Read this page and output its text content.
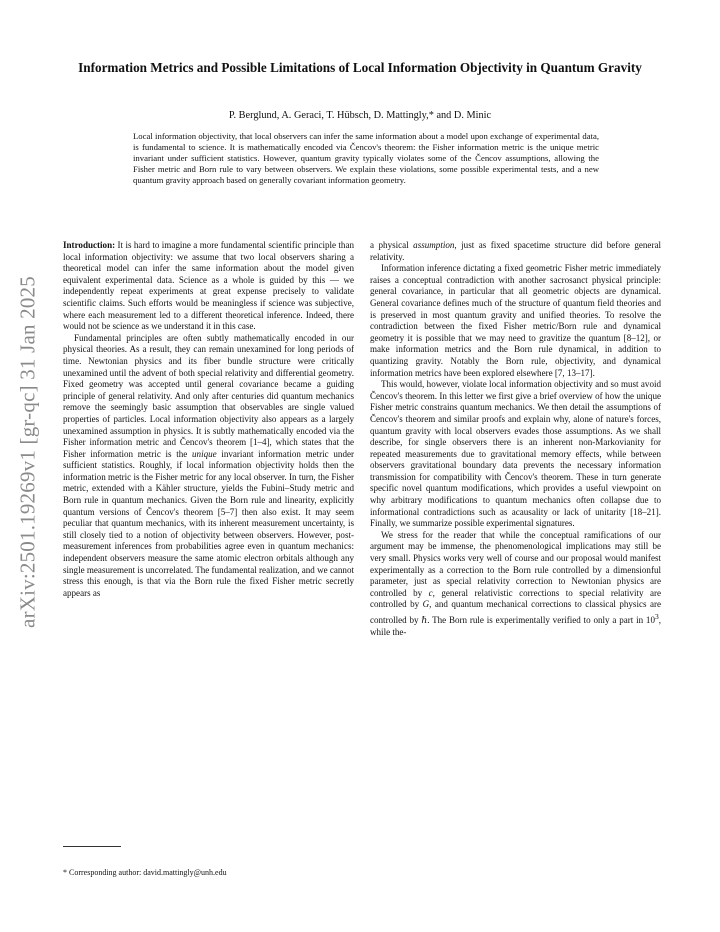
Information Metrics and Possible Limitations of Local Information Objectivity in Quantum Gravity
P. Berglund, A. Geraci, T. Hübsch, D. Mattingly,* and D. Minic

Local information objectivity, that local observers can infer the same information about a model upon exchange of experimental data, is fundamental to science. It is mathematically encoded via Čencov's theorem: the Fisher information metric is the unique metric invariant under sufficient statistics. However, quantum gravity typically violates some of the Čencov assumptions, allowing the Fisher metric and Born rule to vary between observers. We explain these violations, some possible experimental tests, and a new quantum gravity approach based on generally covariant information geometry.

arXiv:2501.19269v1 [gr-qc] 31 Jan 2025

Introduction: It is hard to imagine a more fundamental scientific principle than local information objectivity: we assume that two local observers sharing a theoretical model can infer the same information about the model given equivalent experimental data. Science as a whole is guided by this — we independently repeat experiments at great expense precisely to validate scientific claims. Such efforts would be meaningless if science was subjective, where each measurement led to a different theoretical inference. Indeed, there would not be science as we understand it in this case.

Fundamental principles are often subtly mathematically encoded in our physical theories. As a result, they can remain unexamined for long periods of time. Newtonian physics and its fiber bundle structure were critically unexamined until the advent of both special relativity and differential geometry. Fixed geometry was accepted until general covariance became a guiding principle of general relativity. And only after centuries did quantum mechanics remove the seemingly basic assumption that observables are single valued properties of particles. Local information objectivity also appears as a largely unexamined assumption in physics. It is subtly mathematically encoded via the Fisher information metric and Čencov's theorem [1–4], which states that the Fisher information metric is the unique invariant information metric under sufficient statistics. Roughly, if local information objectivity holds then the information metric is the Fisher metric for any local observer. In turn, the Fisher metric, extended with a Kähler structure, yields the Fubini–Study metric and Born rule in quantum mechanics. Given the Born rule and linearity, explicitly quantum versions of Čencov's theorem [5–7] then also exist. It may seem peculiar that quantum mechanics, with its inherent measurement uncertainty, is still closely tied to a notion of objectivity between observers. However, post-measurement inferences from probabilities agree even in quantum mechanics: independent observers measure the same atomic electron orbitals although any single measurement is uncorrelated. The fundamental realization, and we cannot stress this enough, is that via the Born rule the fixed Fisher metric secretly appears as

a physical assumption, just as fixed spacetime structure did before general relativity.

Information inference dictating a fixed geometric Fisher metric immediately raises a conceptual contradiction with another sacrosanct physical principle: general covariance, in particular that all geometric objects are dynamical. General covariance defines much of the structure of quantum field theories and is preserved in most quantum gravity and unified theories. To resolve the contradiction between the fixed Fisher metric/Born rule and dynamical geometry it is possible that we may need to gravitize the quantum [8–12], or make information metrics and the Born rule dynamical, in addition to quantizing gravity. Notably the Born rule, objectivity, and dynamical information metrics have been explored elsewhere [7, 13–17].

This would, however, violate local information objectivity and so must avoid Čencov's theorem. In this letter we first give a brief overview of how the unique Fisher metric constrains quantum mechanics. We then detail the assumptions of Čencov's theorem and similar proofs and explain why, alone of nature's forces, quantum gravity with local observers evades those assumptions. As we shall describe, for single observers there is an inherent non-Markovianity for repeated measurements due to gravitational memory effects, while between observers gravitational boundary data prevents the necessary information transmission for compatibility with Čencov's theorem. These in turn generate specific novel quantum modifications, which provides a useful viewpoint on why arbitrary modifications to quantum mechanics often collapse due to informational contradictions such as acausality or lack of unitarity [18–21]. Finally, we summarize possible experimental signatures.

We stress for the reader that while the conceptual ramifications of our argument may be immense, the phenomenological implications may still be very small. Physics works very well of course and our proposal would manifest experimentally as a correction to the Born rule controlled by a dimensionful parameter, just as special relativity correction to Newtonian physics are controlled by c, general relativistic corrections to special relativity are controlled by G, and quantum mechanical corrections to classical physics are controlled by ℏ. The Born rule is experimentally verified to only a part in $10^3$, while the-

* Corresponding author: david.mattingly@unh.edu
